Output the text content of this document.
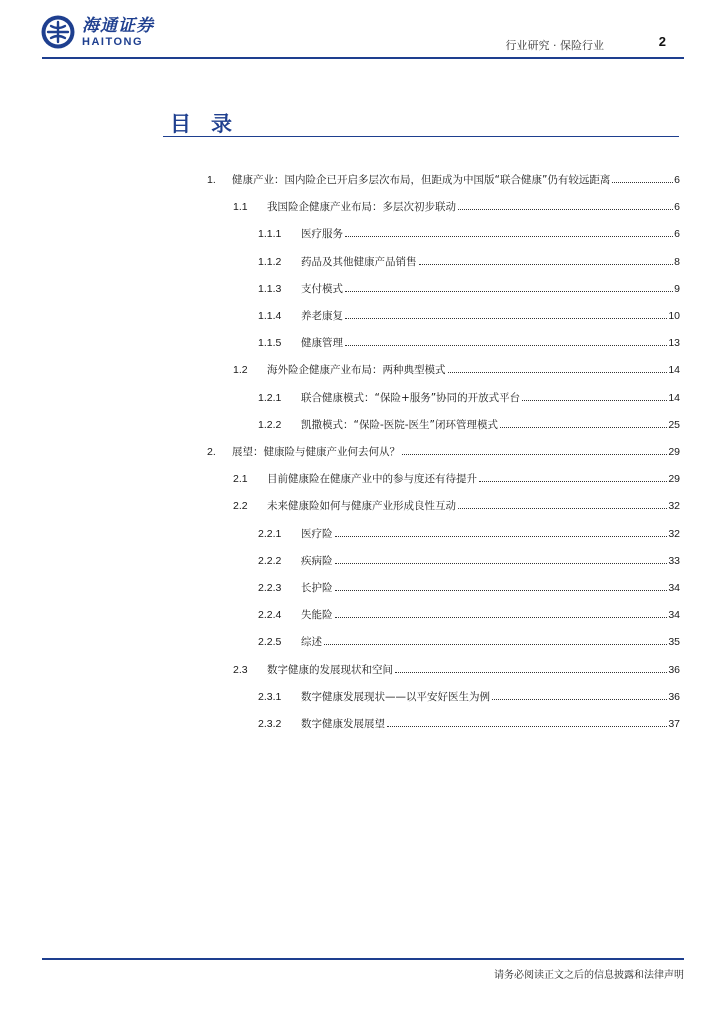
海通证券
HAITONG	行业研究 · 保险行业	2
目录
1.	健康产业：国内险企已开启多层次布局，但距成为中国版“联合健康”仍有较远距离	6
1.1	我国险企健康产业布局：多层次初步联动	6
1.1.1	医疗服务	6
1.1.2	药品及其他健康产品销售	8
1.1.3	支付模式	9
1.1.4	养老康复	10
1.1.5	健康管理	13
1.2	海外险企健康产业布局：两种典型模式	14
1.2.1	联合健康模式：“保险+服务”协同的开放式平台	14
1.2.2	凯撒模式：“保险-医院-医生”闭环管理模式	25
2.	展望：健康险与健康产业何去何从？	29
2.1	目前健康险在健康产业中的参与度还有待提升	29
2.2	未来健康险如何与健康产业形成良性互动	32
2.2.1	医疗险	32
2.2.2	疾病险	33
2.2.3	长护险	34
2.2.4	失能险	34
2.2.5	综述	35
2.3	数字健康的发展现状和空间	36
2.3.1	数字健康发展现状——以平安好医生为例	36
2.3.2	数字健康发展展望	37
请务必阅读正文之后的信息披露和法律声明
